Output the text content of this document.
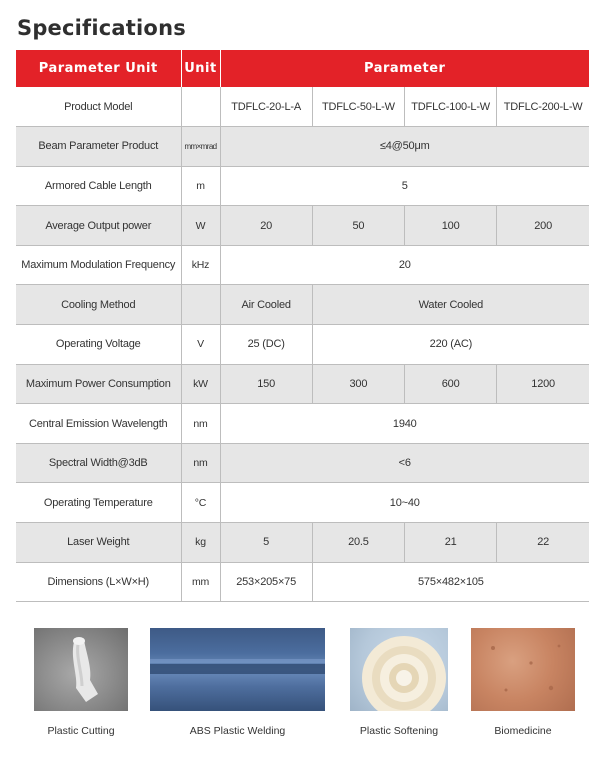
Specifications
Parameter Unit	Unit	Parameter			
Product Model		TDFLC-20-L-A	TDFLC-50-L-W	TDFLC-100-L-W	TDFLC-200-L-W
Beam Parameter Product	mm×mrad	≤4@50μm			
Armored Cable Length	m	5			
Average Output power	W	20	50	100	200
Maximum Modulation Frequency	kHz	20			
Cooling Method		Air Cooled	Water Cooled		
Operating Voltage	V	25 (DC)	220 (AC)		
Maximum Power Consumption	kW	150	300	600	1200
Central Emission Wavelength	nm	1940			
Spectral Width@3dB	nm	<6			
Operating Temperature	°C	10~40			
Laser Weight	kg	5	20.5	21	22
Dimensions (L×W×H)	mm	253×205×75	575×482×105		
Plastic Cutting	ABS Plastic Welding	Plastic Softening	Biomedicine
